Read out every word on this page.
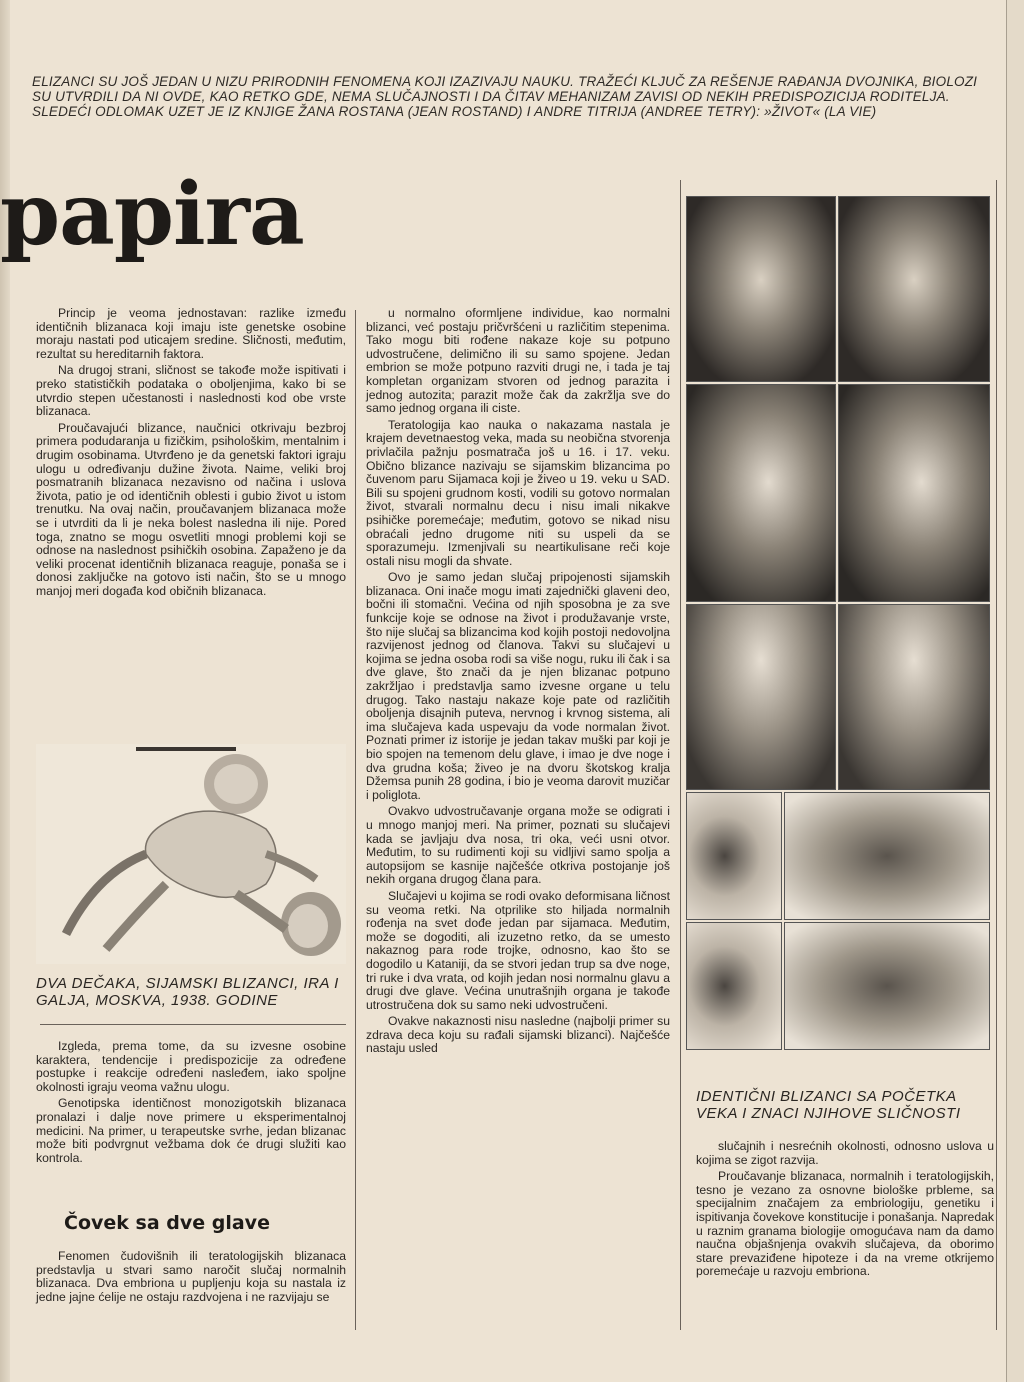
ELIZANCI SU JOŠ JEDAN U NIZU PRIRODNIH FENOMENA KOJI IZAZIVAJU NAUKU. TRAŽEĆI KLJUČ ZA REŠENJE RAĐANJA DVOJNIKA, BIOLOZI SU UTVRDILI DA NI OVDE, KAO RETKO GDE, NEMA SLUČAJNOSTI I DA ČITAV MEHANIZAM ZAVISI OD NEKIH PREDISPOZICIJA RODITELJA. SLEDEĆI ODLOMAK UZET JE IZ KNJIGE ŽANA ROSTANA (JEAN ROSTAND) I ANDRE TITRIJA (ANDREE TETRY): »ŽIVOT« (LA VIE)

papira

Princip je veoma jednostavan: razlike između identičnih blizanaca koji imaju iste genetske osobine moraju nastati pod uticajem sredine. Sličnosti, međutim, rezultat su hereditarnih faktora.

Na drugoj strani, sličnost se takođe može ispitivati i preko statističkih podataka o oboljenjima, kako bi se utvrdio stepen učestanosti i naslednosti kod obe vrste blizanaca.

Proučavajući blizance, naučnici otkrivaju bezbroj primera podudaranja u fizičkim, psihološkim, mentalnim i drugim osobinama. Utvrđeno je da genetski faktori igraju ulogu u određivanju dužine života. Naime, veliki broj posmatranih blizanaca nezavisno od načina i uslova života, patio je od identičnih oblesti i gubio život u istom trenutku. Na ovaj način, proučavanjem blizanaca može se i utvrditi da li je neka bolest nasledna ili nije. Pored toga, znatno se mogu osvetliti mnogi problemi koji se odnose na naslednost psihičkih osobina. Zapaženo je da veliki procenat identičnih blizanaca reaguje, ponaša se i donosi zaključke na gotovo isti način, što se u mnogo manjoj meri događa kod običnih blizanaca.

DVA DEČAKA, SIJAMSKI BLIZANCI, IRA I GALJA, MOSKVA, 1938. GODINE

Izgleda, prema tome, da su izvesne osobine karaktera, tendencije i predispozicije za određene postupke i reakcije određeni nasleđem, iako spoljne okolnosti igraju veoma važnu ulogu.

Genotipska identičnost monozigotskih blizanaca pronalazi i dalje nove primere u eksperimentalnoj medicini. Na primer, u terapeutske svrhe, jedan blizanac može biti podvrgnut vežbama dok će drugi služiti kao kontrola.

Čovek sa dve glave

Fenomen čudovišnih ili teratologijskih blizanaca predstavlja u stvari samo naročit slučaj normalnih blizanaca. Dva embriona u pupljenju koja su nastala iz jedne jajne ćelije ne ostaju razdvojena i ne razvijaju se

u normalno oformljene individue, kao normalni blizanci, već postaju pričvršćeni u različitim stepenima. Tako mogu biti rođene nakaze koje su potpuno udvostručene, delimično ili su samo spojene. Jedan embrion se može potpuno razviti drugi ne, i tada je taj kompletan organizam stvoren od jednog parazita i jednog autozita; parazit može čak da zakržlja sve do samo jednog organa ili ciste.

Teratologija kao nauka o nakazama nastala je krajem devetnaestog veka, mada su neobična stvorenja privlačila pažnju posmatrača još u 16. i 17. veku. Obično blizance nazivaju se sijamskim blizancima po čuvenom paru Sijamaca koji je živeo u 19. veku u SAD. Bili su spojeni grudnom kosti, vodili su gotovo normalan život, stvarali normalnu decu i nisu imali nikakve psihičke poremećaje; međutim, gotovo se nikad nisu obraćali jedno drugome niti su uspeli da se sporazumeju. Izmenjivali su neartikulisane reči koje ostali nisu mogli da shvate.

Ovo je samo jedan slučaj pripojenosti sijamskih blizanaca. Oni inače mogu imati zajednički glaveni deo, bočni ili stomačni. Većina od njih sposobna je za sve funkcije koje se odnose na život i produžavanje vrste, što nije slučaj sa blizancima kod kojih postoji nedovoljna razvijenost jednog od članova. Takvi su slučajevi u kojima se jedna osoba rodi sa više nogu, ruku ili čak i sa dve glave, što znači da je njen blizanac potpuno zakržljao i predstavlja samo izvesne organe u telu drugog. Tako nastaju nakaze koje pate od različitih oboljenja disajnih puteva, nervnog i krvnog sistema, ali ima slučajeva kada uspevaju da vode normalan život. Poznati primer iz istorije je jedan takav muški par koji je bio spojen na temenom delu glave, i imao je dve noge i dva grudna koša; živeo je na dvoru škotskog kralja Džemsa punih 28 godina, i bio je veoma darovit muzičar i poliglota.

Ovakvo udvostručavanje organa može se odigrati i u mnogo manjoj meri. Na primer, poznati su slučajevi kada se javljaju dva nosa, tri oka, veći usni otvor. Međutim, to su rudimenti koji su vidljivi samo spolja a autopsijom se kasnije najčešće otkriva postojanje još nekih organa drugog člana para.

Slučajevi u kojima se rodi ovako deformisana ličnost su veoma retki. Na otprilike sto hiljada normalnih rođenja na svet dođe jedan par sijamaca. Međutim, može se dogoditi, ali izuzetno retko, da se umesto nakaznog para rode trojke, odnosno, kao što se dogodilo u Kataniji, da se stvori jedan trup sa dve noge, tri ruke i dva vrata, od kojih jedan nosi normalnu glavu a drugi dve glave. Većina unutrašnjih organa je takođe utrostručena dok su samo neki udvostručeni.

Ovakve nakaznosti nisu nasledne (najbolji primer su zdrava deca koju su rađali sijamski blizanci). Najčešće nastaju usled

IDENTIČNI BLIZANCI SA POČETKA VEKA I ZNACI NJIHOVE SLIČNOSTI

slučajnih i nesrećnih okolnosti, odnosno uslova u kojima se zigot razvija.

Proučavanje blizanaca, normalnih i teratologijskih, tesno je vezano za osnovne biološke prbleme, sa specijalnim značajem za embriologiju, genetiku i ispitivanja čovekove konstitucije i ponašanja. Napredak u raznim granama biologije omogućava nam da damo naučna objašnjenja ovakvih slučajeva, da oborimo stare prevaziđene hipoteze i da na vreme otkrijemo poremećaje u razvoju embriona.
